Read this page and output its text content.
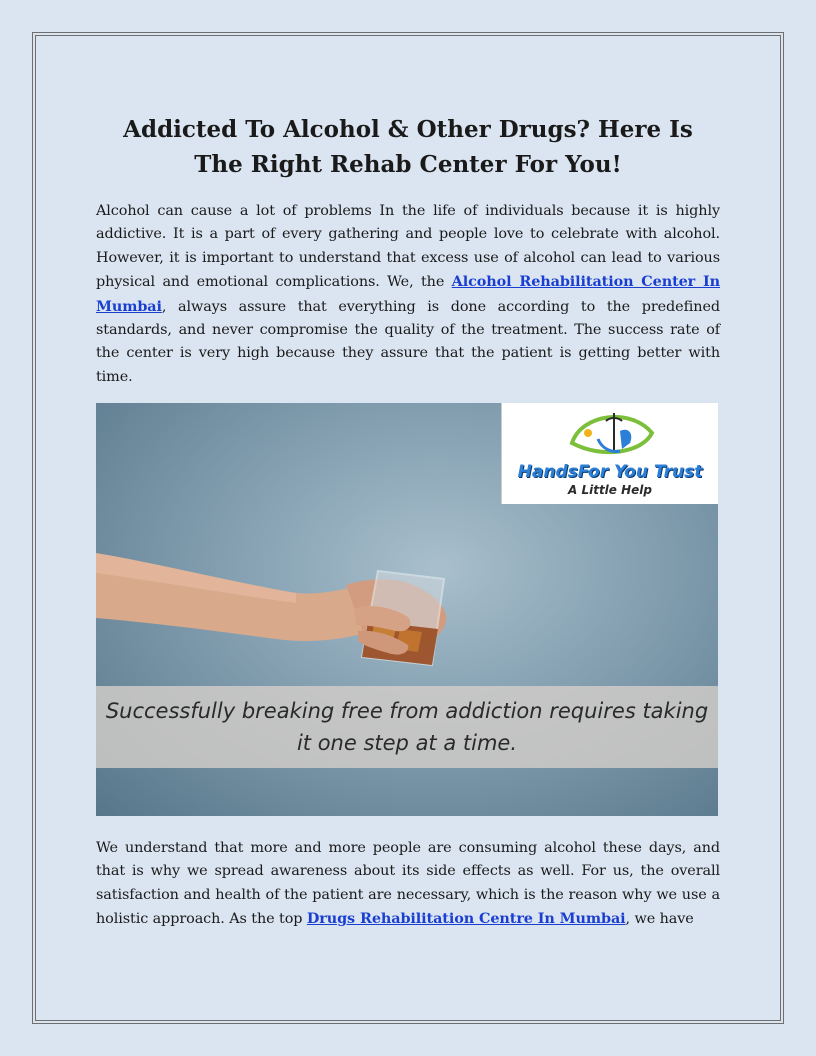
Addicted To Alcohol & Other Drugs? Here Is The Right Rehab Center For You!

Alcohol can cause a lot of problems In the life of individuals because it is highly addictive. It is a part of every gathering and people love to celebrate with alcohol. However, it is important to understand that excess use of alcohol can lead to various physical and emotional complications. We, the Alcohol Rehabilitation Center In Mumbai, always assure that everything is done according to the predefined standards, and never compromise the quality of the treatment. The success rate of the center is very high because they assure that the patient is getting better with time.

HandsFor You Trust

A Little Help

Successfully breaking free from addiction requires taking it one step at a time.

We understand that more and more people are consuming alcohol these days, and that is why we spread awareness about its side effects as well. For us, the overall satisfaction and health of the patient are necessary, which is the reason why we use a holistic approach. As the top Drugs Rehabilitation Centre In Mumbai, we have
